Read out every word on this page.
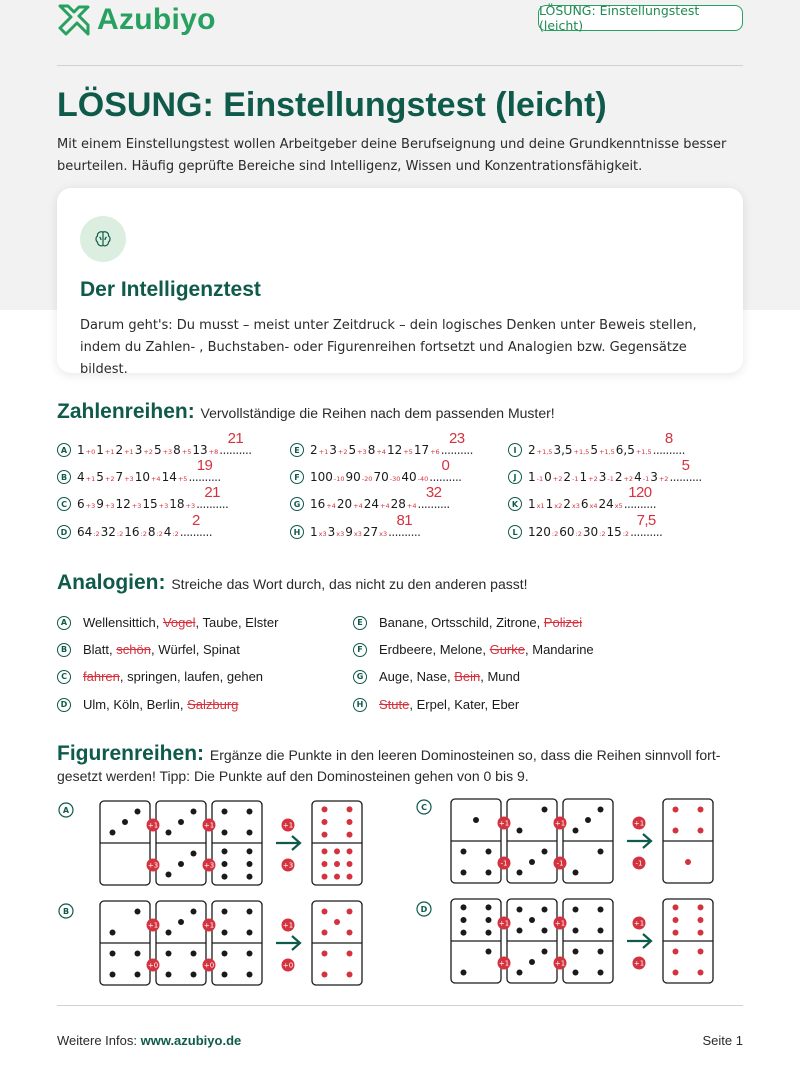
Azubiyo	LÖSUNG: Einstellungstest (leicht)
LÖSUNG: Einstellungstest (leicht)
Mit einem Einstellungstest wollen Arbeitgeber deine Berufseignung und deine Grundkenntnisse besser beurteilen. Häufig geprüfte Bereiche sind Intelligenz, Wissen und Konzentrationsfähigkeit.
Der Intelligenztest
Darum geht's: Du musst – meist unter Zeitdruck – dein logisches Denken unter Beweis stellen, indem du Zahlen- , Buchstaben- oder Figurenreihen fortsetzt und Analogien bzw. Gegensätze bildest.
Zahlenreihen: Vervollständige die Reihen nach dem passenden Muster!
A 1 +0 1 +1 2 +1 3 +2 5 +3 8 +5 13 +8 ..........
21
B 4 +1 5 +2 7 +3 10 +4 14 +5 ..........
19
C 6 +3 9 +3 12 +3 15 +3 18 +3 ..........
21
D 64 :2 32 :2 16 :2 8 :2 4 :2 ..........
2
E 2 +1 3 +2 5 +3 8 +4 12 +5 17 +6 ..........
23
F 100 -10 90 -20 70 -30 40 -40 ..........
0
G 16 +4 20 +4 24 +4 28 +4 ..........
32
H 1 x3 3 x3 9 x3 27 x3 ..........
81
I 2 +1,5 3,5 +1,5 5 +1,5 6,5 +1,5 ..........
8
J 1 -1 0 +2 2 -1 1 +2 3 -1 2 +2 4 -1 3 +2 ..........
5
K 1 x1 1 x2 2 x3 6 x4 24 x5 ..........
120
L 120 :2 60 :2 30 :2 15 :2 ..........
7,5
Analogien: Streiche das Wort durch, das nicht zu den anderen passt!
A	Wellensittich, Vogel, Taube, Elster
B	Blatt, schön, Würfel, Spinat
C	fahren, springen, laufen, gehen
D Ulm, Köln, Berlin, Salzburg
E	Banane, Ortsschild, Zitrone, Polizei
F	Erdbeere, Melone, Gurke, Mandarine
G Auge, Nase, Bein, Mund
H Stute, Erpel, Kater, Eber
Figurenreihen: Ergänze die Punkte in den leeren Dominosteinen so, dass die Reihen sinnvoll fort-
gesetzt werden! Tipp: Die Punkte auf den Dominosteinen gehen von 0 bis 9.
A
+1
+3
+1
+3
+1
+3
B
+1
+0
+1
+0
+1
+0
C
+1
-1
+1
-1
+1
-1
D
+1
+1
+1
+1
+1
+1
Weitere Infos: www.azubiyo.de	Seite 1
